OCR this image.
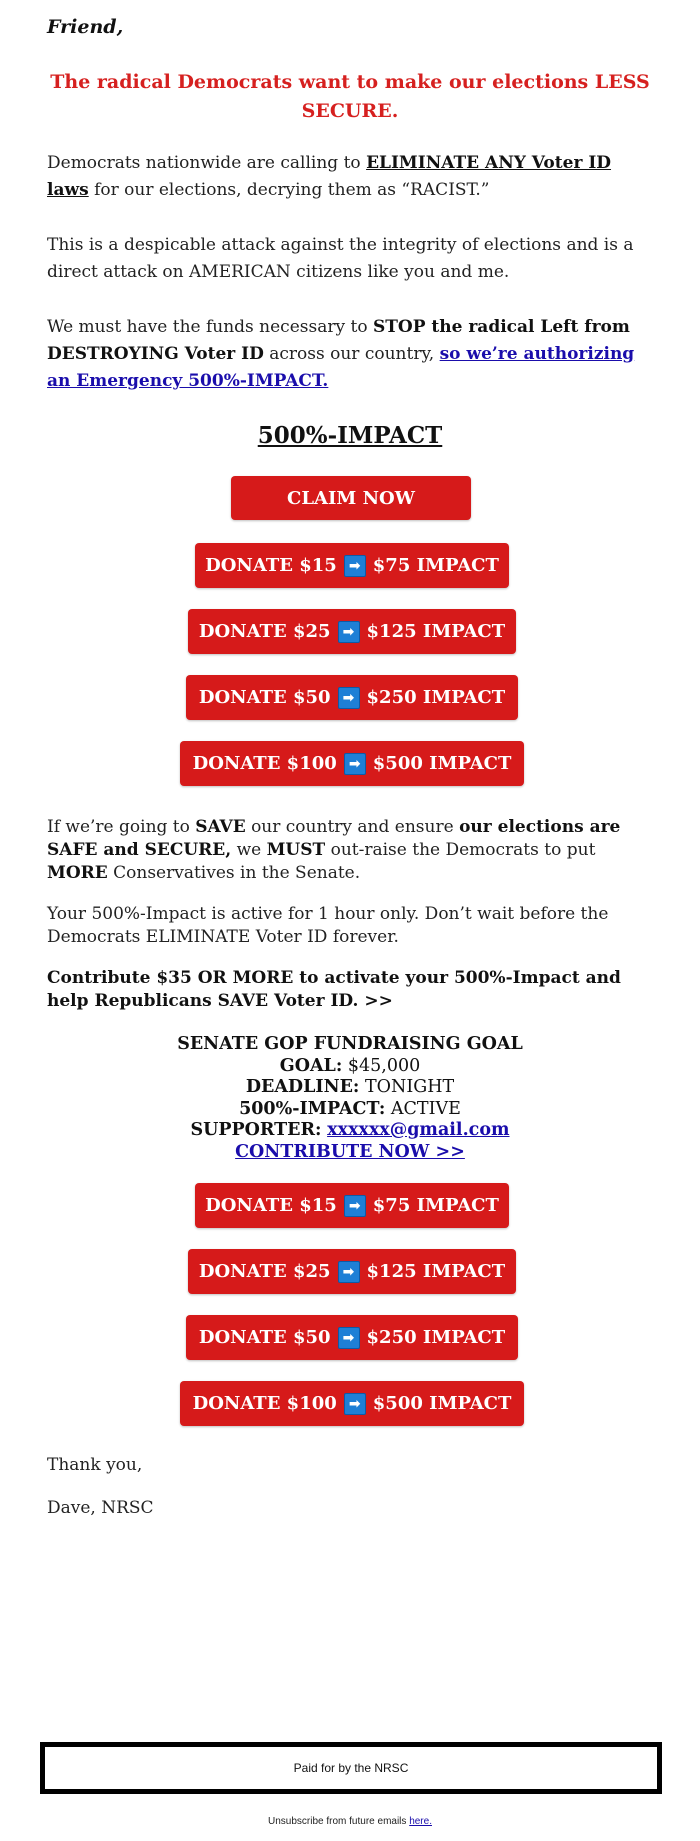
Friend,
The radical Democrats want to make our elections LESS SECURE.
Democrats nationwide are calling to ELIMINATE ANY Voter ID laws for our elections, decrying them as “RACIST.”
This is a despicable attack against the integrity of elections and is a direct attack on AMERICAN citizens like you and me.
We must have the funds necessary to STOP the radical Left from DESTROYING Voter ID across our country, so we’re authorizing an Emergency 500%-IMPACT.
500%-IMPACT
CLAIM NOW
DONATE $15 ➡ $75 IMPACT
DONATE $25 ➡ $125 IMPACT
DONATE $50 ➡ $250 IMPACT
DONATE $100 ➡ $500 IMPACT
If we’re going to SAVE our country and ensure our elections are SAFE and SECURE, we MUST out-raise the Democrats to put MORE Conservatives in the Senate.
Your 500%-Impact is active for 1 hour only. Don’t wait before the Democrats ELIMINATE Voter ID forever.
Contribute $35 OR MORE to activate your 500%-Impact and help Republicans SAVE Voter ID. >>
SENATE GOP FUNDRAISING GOAL
GOAL: $45,000
DEADLINE: TONIGHT
500%-IMPACT: ACTIVE
SUPPORTER: xxxxxx@gmail.com
CONTRIBUTE NOW >>
DONATE $15 ➡ $75 IMPACT
DONATE $25 ➡ $125 IMPACT
DONATE $50 ➡ $250 IMPACT
DONATE $100 ➡ $500 IMPACT
Thank you,
Dave, NRSC
Paid for by the NRSC
Unsubscribe from future emails here.
